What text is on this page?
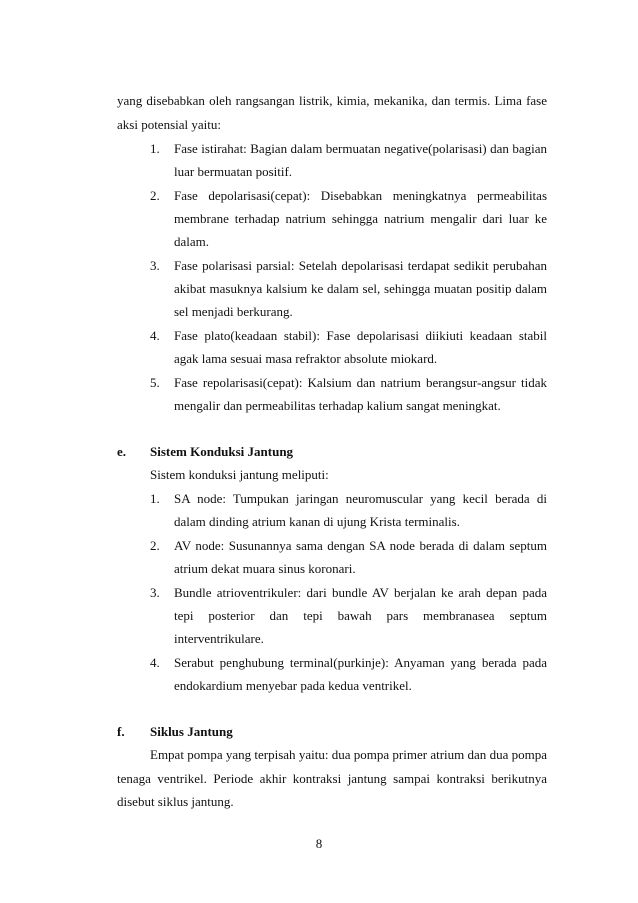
yang disebabkan oleh rangsangan listrik, kimia, mekanika, dan termis. Lima fase
aksi potensial yaitu:
1.	Fase istirahat: Bagian dalam bermuatan negative(polarisasi) dan bagian
luar bermuatan positif.
2.	Fase depolarisasi(cepat): Disebabkan meningkatnya permeabilitas
membrane terhadap natrium sehingga natrium mengalir dari luar ke
dalam.
3.	Fase polarisasi parsial: Setelah depolarisasi terdapat sedikit perubahan
akibat masuknya kalsium ke dalam sel, sehingga muatan positip dalam
sel menjadi berkurang.
4.	Fase plato(keadaan stabil): Fase depolarisasi diikiuti keadaan stabil
agak lama sesuai masa refraktor absolute miokard.
5.	Fase repolarisasi(cepat): Kalsium dan natrium berangsur-angsur tidak
mengalir dan permeabilitas terhadap kalium sangat meningkat.
e. Sistem Konduksi Jantung
Sistem konduksi jantung meliputi:
1.	SA node: Tumpukan jaringan neuromuscular yang kecil berada di
dalam dinding atrium kanan di ujung Krista terminalis.
2.	AV node: Susunannya sama dengan SA node berada di dalam septum
atrium dekat muara sinus koronari.
3.	Bundle atrioventrikuler: dari bundle AV berjalan ke arah depan pada
tepi posterior dan tepi bawah pars membranasea septum
interventrikulare.
4.	Serabut penghubung terminal(purkinje): Anyaman yang berada pada
endokardium menyebar pada kedua ventrikel.
f. Siklus Jantung
Empat pompa yang terpisah yaitu: dua pompa primer atrium dan dua pompa
tenaga ventrikel. Periode akhir kontraksi jantung sampai kontraksi berikutnya
disebut siklus jantung.
8
